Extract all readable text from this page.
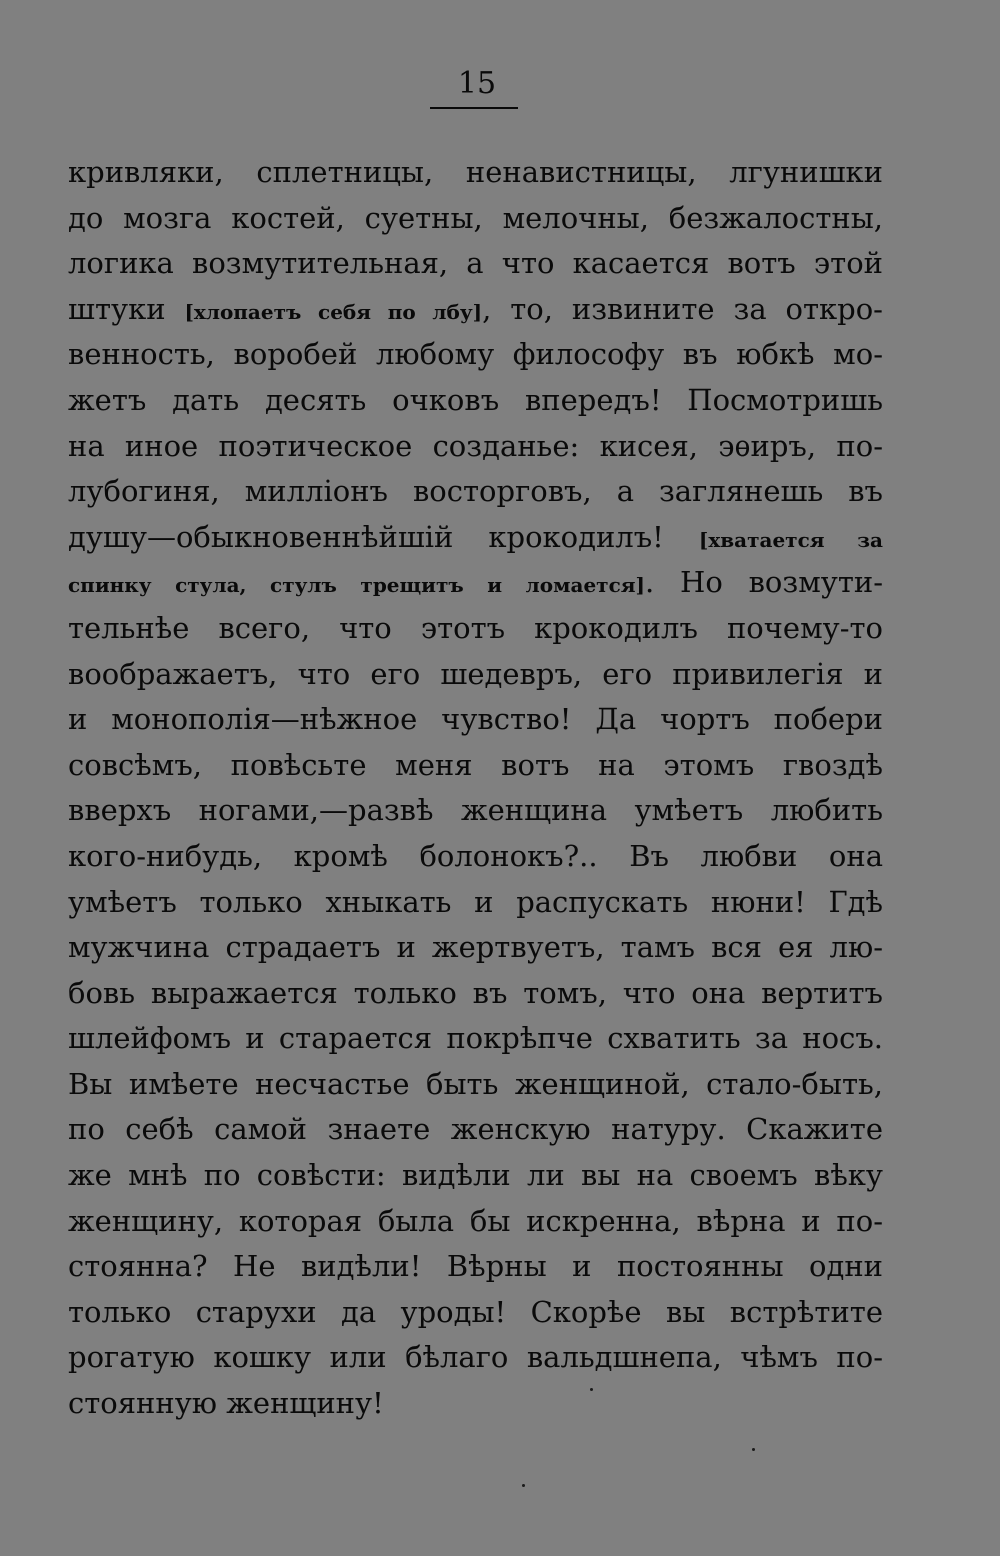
15
кривляки, сплетницы, ненавистницы, лгунишки
до мозга костей, суетны, мелочны, безжалостны,
логика возмутительная, а что касается вотъ этой
штуки [хлопаетъ себя по лбу], то, извините за откро-
венность, воробей любому философу въ юбкѣ мо-
жетъ дать десять очковъ впередъ! Посмотришь
на иное поэтическое созданье: кисея, эѳиръ, по-
лубогиня, милліонъ восторговъ, а заглянешь въ
душу—обыкновеннѣйшій крокодилъ! [хватается за
спинку стула, стулъ трещитъ и ломается]. Но возмути-
тельнѣе всего, что этотъ крокодилъ почему-то
воображаетъ, что его шедевръ, его привилегія и
и монополія—нѣжное чувство! Да чортъ побери
совсѣмъ, повѣсьте меня вотъ на этомъ гвоздѣ
вверхъ ногами,—развѣ женщина умѣетъ любить
кого-нибудь, кромѣ болонокъ?.. Въ любви она
умѣетъ только хныкать и распускать нюни! Гдѣ
мужчина страдаетъ и жертвуетъ, тамъ вся ея лю-
бовь выражается только въ томъ, что она вертитъ
шлейфомъ и старается покрѣпче схватить за носъ.
Вы имѣете несчастье быть женщиной, стало-быть,
по себѣ самой знаете женскую натуру. Скажите
же мнѣ по совѣсти: видѣли ли вы на своемъ вѣку
женщину, которая была бы искренна, вѣрна и по-
стоянна? Не видѣли! Вѣрны и постоянны одни
только старухи да уроды! Скорѣе вы встрѣтите
рогатую кошку или бѣлаго вальдшнепа, чѣмъ по-
стоянную женщину!
